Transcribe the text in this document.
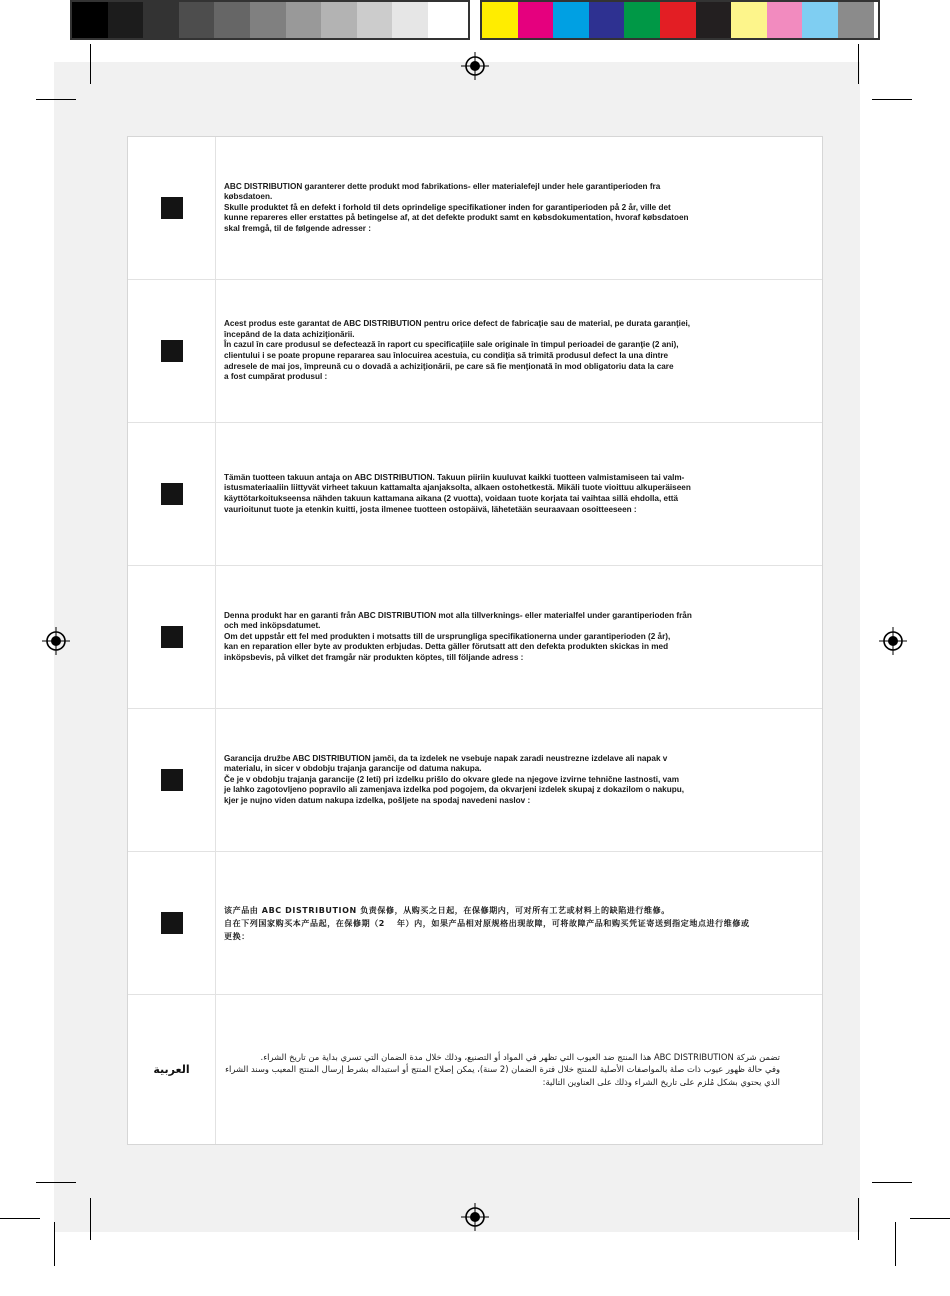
ABC DISTRIBUTION garanterer dette produkt mod fabrikations- eller materialefejl under hele garantiperioden fra
købsdatoen.
Skulle produktet få en defekt i forhold til dets oprindelige specifikationer inden for garantiperioden på 2 år, ville det
kunne repareres eller erstattes på betingelse af, at det defekte produkt samt en købsdokumentation, hvoraf købsdatoen
skal fremgå, til de følgende adresser :

Acest produs este garantat de ABC DISTRIBUTION pentru orice defect de fabricaţie sau de material, pe durata garanţiei,
începând de la data achiziţionării.
În cazul în care produsul se defectează în raport cu specificaţiile sale originale în timpul perioadei de garanţie (2 ani),
clientului i se poate propune repararea sau înlocuirea acestuia, cu condiţia să trimită produsul defect la una dintre
adresele de mai jos, împreună cu o dovadă a achiziţionării, pe care să fie menţionată în mod obligatoriu data la care
a fost cumpărat produsul :

Tämän tuotteen takuun antaja on ABC DISTRIBUTION. Takuun piiriin kuuluvat kaikki tuotteen valmistamiseen tai valm-
istusmateriaaliin liittyvät virheet takuun kattamalta ajanjaksolta, alkaen ostohetkestä. Mikäli tuote vioittuu alkuperäiseen
käyttötarkoitukseensa nähden takuun kattamana aikana (2 vuotta), voidaan tuote korjata tai vaihtaa sillä ehdolla, että
vaurioitunut tuote ja etenkin kuitti, josta ilmenee tuotteen ostopäivä, lähetetään seuraavaan osoitteeseen :

Denna produkt har en garanti från ABC DISTRIBUTION mot alla tillverknings- eller materialfel under garantiperioden från
och med inköpsdatumet.
Om det uppstår ett fel med produkten i motsatts till de ursprungliga specifikationerna under garantiperioden (2 år),
kan en reparation eller byte av produkten erbjudas. Detta gäller förutsatt att den defekta produkten skickas in med
inköpsbevis, på vilket det framgår när produkten köptes, till följande adress :

Garancija družbe ABC DISTRIBUTION jamči, da ta izdelek ne vsebuje napak zaradi neustrezne izdelave ali napak v
materialu, in sicer v obdobju trajanja garancije od datuma nakupa.
Če je v obdobju trajanja garancije (2 leti) pri izdelku prišlo do okvare glede na njegove izvirne tehnične lastnosti, vam
je lahko zagotovljeno popravilo ali zamenjava izdelka pod pogojem, da okvarjeni izdelek skupaj z dokazilom o nakupu,
kjer je nujno viden datum nakupa izdelka, pošljete na spodaj navedeni naslov :

该产品由 ABC DISTRIBUTION 负责保修，从购买之日起，在保修期内，可对所有工艺或材料上的缺陷进行维修。
自在下列国家购买本产品起，在保修期（2　 年）内，如果产品相对原规格出现故障，可将故障产品和购买凭证寄送到指定地点进行维修或
更换：

العربية

تضمن شركة ABC DISTRIBUTION هذا المنتج ضد العيوب التي تظهر في المواد أو التصنيع، وذلك خلال مدة الضمان التي تسري بداية من تاريخ الشراء.
وفي حالة ظهور عيوب ذات صلة بالمواصفات الأصلية للمنتج خلال فترة الضمان (2 سنة)، يمكن إصلاح المنتج أو استبداله بشرط إرسال المنتج المعيب وسند الشراء
الذي يحتوي بشكل مُلزم على تاريخ الشراء وذلك على العناوين التالية:
